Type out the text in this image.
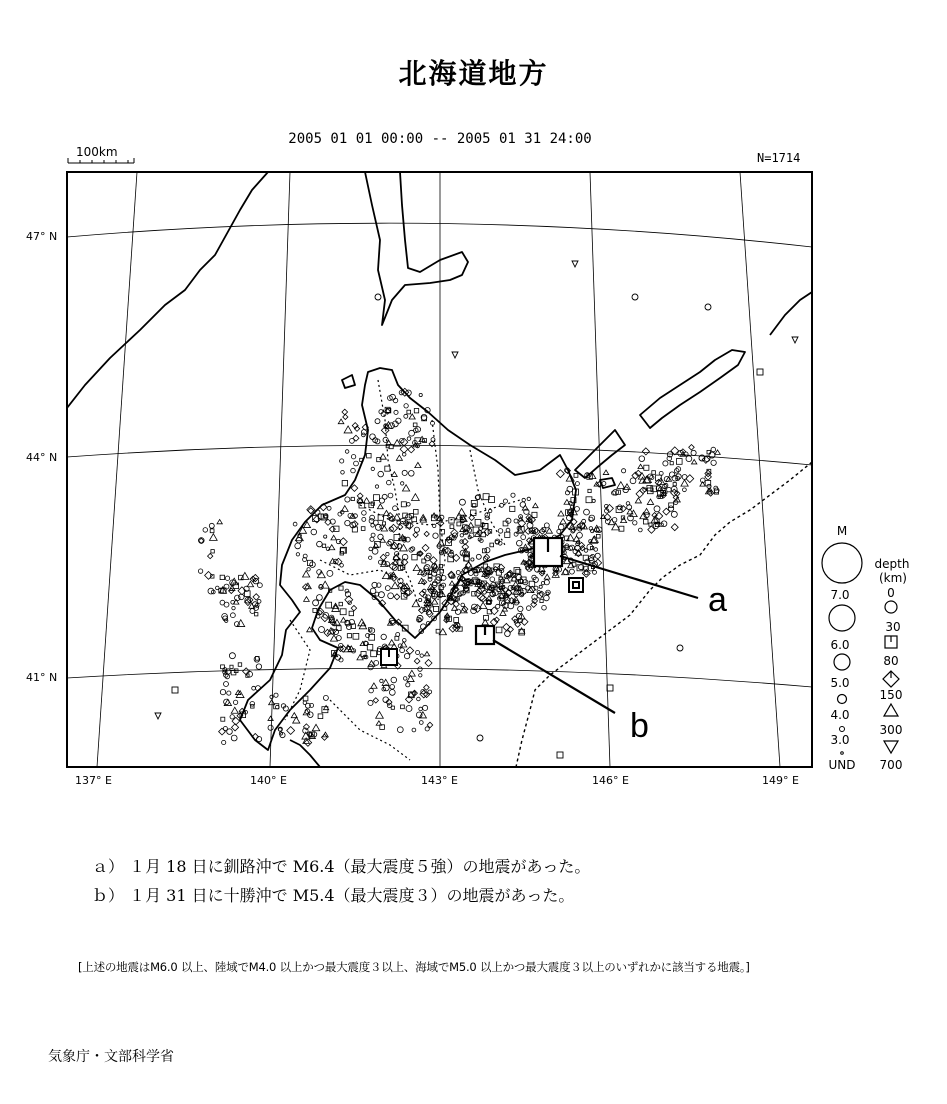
北海道地方
2005 01 01 00:00 -- 2005 01 31 24:00
100km	N=1714
a
b
47° N
44° N
41° N
137° E	140° E	143° E	146° E	149° E
M
7.0
6.0
5.0
4.0
3.0
UND
depth
(km)
0
30
80
150
300
700
ａ） １月 18 日に釧路沖で M6.4（最大震度５強）の地震があった。
ｂ） １月 31 日に十勝沖で M5.4（最大震度３）の地震があった。
[上述の地震はM6.0 以上、陸域でM4.0 以上かつ最大震度３以上、海域でM5.0 以上かつ最大震度３以上のいずれかに該当する地震。]
気象庁・文部科学省
